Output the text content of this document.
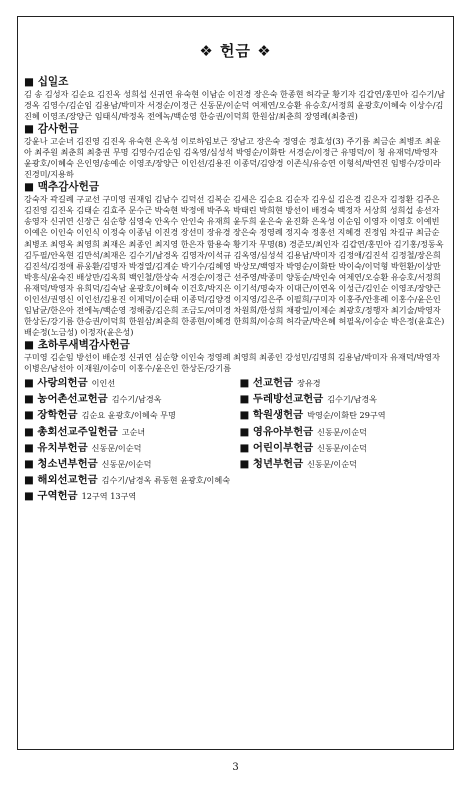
❖ 헌금 ❖
■ 십일조

김 송 김성자 김순요 김진옥 성희섭 신귀연 유숙현 이남순 이진경 장은숙 한종현 허각균 황기자 김갑연/홍민아 김수기/남경옥 김영수/김순임 김용남/박미자 서경순/이정근 신동문/이순덕 여제연/오승환 유승호/서정희 윤광호/이혜숙 이상수/김진혜 이영조/장양근 임태식/박정옥 전에녹/백순영 한승권/이덕희 한원삼/최춘희 장영례(최충권)

■ 감사헌금

강윤나 고순녀 김진영 김진옥 유숙현 은옥성 이로하임보근 장남고 장은숙 정영순 정효성(3) 주기름 최금순 최병조 최윤아 최주원 최춘희 최충권 무명 김영수/김순임 김옥영/심성석 박영순/이화탄 서경순/이정근 유명덕/이 청 유재덕/박영자 윤광호/이혜숙 은인영/송예순 이영조/장양근 이인선/김용진 이종덕/김양경 이존식/유승연 이형석/박연진 임병수/강미라 진경미/지용하

■ 맥추감사헌금

강숙자 곽길례 구교선 구미영 권재임 김남수 김덕선 김복순 김세은 김순요 김순자 김우실 김은경 김은자 김정환 김주은 김진영 김진옥 김태순 김효주 문수근 박숙현 박정애 박주옥 박태린 박희현 방선이 배경숙 백정자 서상희 성희섭 송선자 송영자 신귀연 신장근 심순향 심영숙 안옥수 안인숙 유재희 윤두희 윤은숙 윤진화 은옥성 이순임 이영자 이영호 이예빈 이예은 이인숙 이인식 이정숙 이종님 이진경 장선미 장유경 장은숙 정영례 정지숙 정홍선 지혜경 진정임 차길규 최금순 최병조 최영옥 최영희 최재은 최종인 최지영 한은자 함용숙 황기자 무명(8) 경준모/최인자 김갑연/홍민아 김기홍/정동옥 김두필/안옥현 김만석/최재은 김수기/남경옥 김영자/이석규 김옥영/심성석 김용남/박미자 김정애/김진석 김정철/장은희 김진석/김정애 류웅환/김명자 박경열/김계순 박기수/김혜영 박상모/백영자 박영순/이화탄 박이숙/이덕형 박헌환/이상만 박흥식/윤숙진 배상만/김옥희 백인철/한상숙 서경순/이정근 선주영/박종미 양동순/박인숙 여제연/오승환 유승호/서정희 유재덕/박영자 유희덕/김숙남 윤광호/이혜숙 이건호/박지은 이기석/명숙자 이대근/이연옥 이성근/김인순 이영조/장양근 이인선/권영신 이인선/김용진 이제덕/이순태 이종덕/김양경 이지영/김은주 이필희/구미자 이홍주/안흥례 이홍수/윤은인 임남균/한은아 전에녹/백순영 정해중/김은희 조금도/여미경 차원희/한성희 채광일/이제순 최광호/정행자 최기술/박영자 한상돈/강기름 한승권/이덕희 한원삼/최춘희 한종현/이혜경 한희희/이승희 허각균/박은혜 허필옥/이승순 박은정(윤효은) 배순정(노금성) 이정자(윤은성)

■ 초하루새벽감사헌금

구미영 김순임 방선이 배순정 신귀연 심순향 이인숙 정영례 최영희 최종인 강성민/김명희 김용남/박미자 유재덕/박영자 이병은/남선아 이재원/이승미 이홍수/윤은인 한상돈/강기름

■ 사랑의헌금 이인선	■ 선교헌금 장유경
■ 농어촌선교헌금 김수기/남경옥	■ 두레방선교헌금 김수기/남경옥
■ 장학헌금 김순요 윤광호/이혜숙 무명	■ 학원생헌금 박영순/이화탄 29구역
■ 총회선교주일헌금 고순녀	■ 영유아부헌금 신동문/이순덕
■ 유치부헌금 신동문/이순덕	■ 어린이부헌금 신동문/이순덕
■ 청소년부헌금 신동문/이순덕	■ 청년부헌금 신동문/이순덕
■ 해외선교헌금 김수기/남경옥 류동현 윤광호/이혜숙
■ 구역헌금 12구역 13구역
3
